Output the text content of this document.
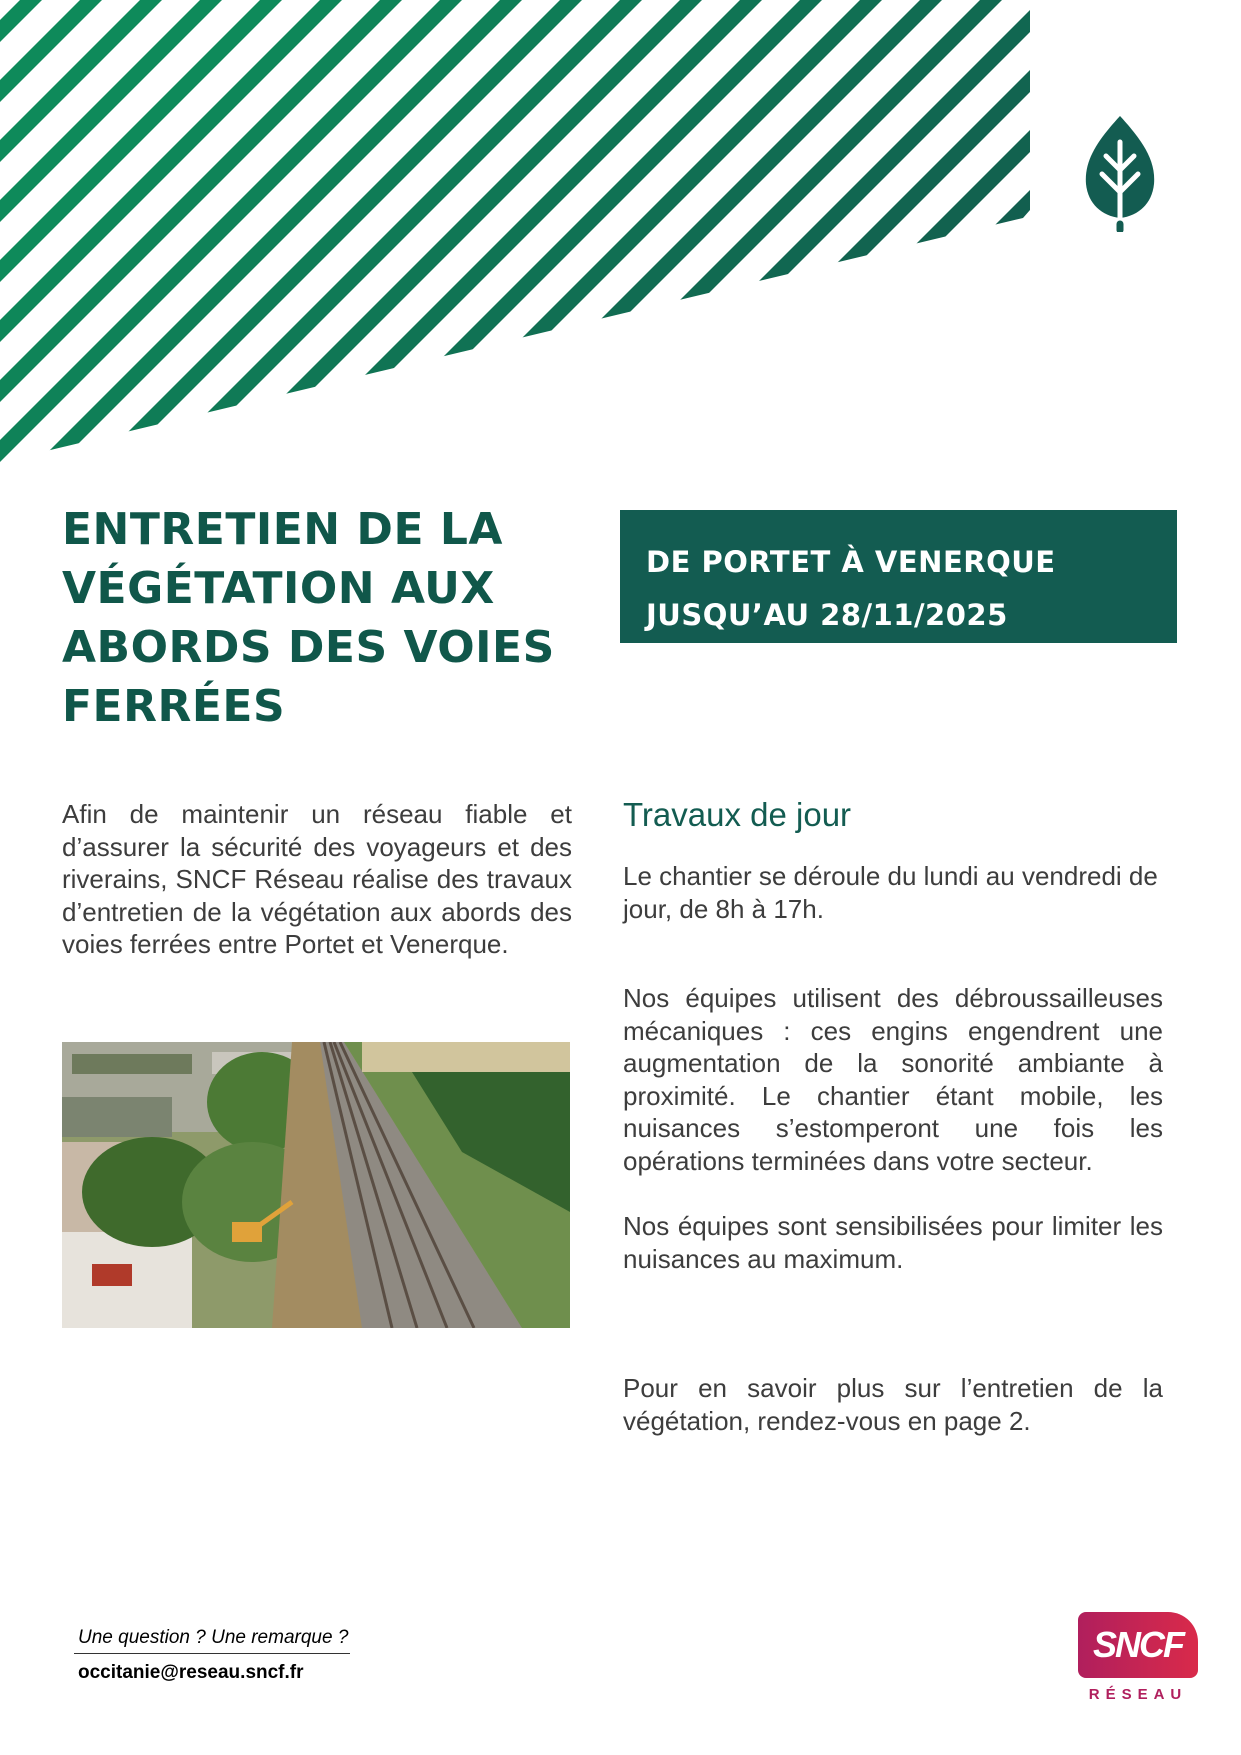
ENTRETIEN DE LA
VÉGÉTATION AUX
ABORDS DES VOIES
FERRÉES
DE PORTET À VENERQUE
JUSQU’AU 28/11/2025

Afin de maintenir un réseau fiable et d’assurer la sécurité des voyageurs et des riverains, SNCF Réseau réalise des travaux d’entretien de la végétation aux abords des voies ferrées entre Portet et Venerque.

Travaux de jour

Le chantier se déroule du lundi au vendredi de jour, de 8h à 17h.

Nos équipes utilisent des débroussailleuses mécaniques : ces engins engendrent une augmentation de la sonorité ambiante à proximité. Le chantier étant mobile, les nuisances s’estomperont une fois les opérations terminées dans votre secteur.

Nos équipes sont sensibilisées pour limiter les nuisances au maximum.

Pour en savoir plus sur l’entretien de la végétation, rendez-vous en page 2.

Une question ? Une remarque ?
occitanie@reseau.sncf.fr
SNCF
RÉSEAU
